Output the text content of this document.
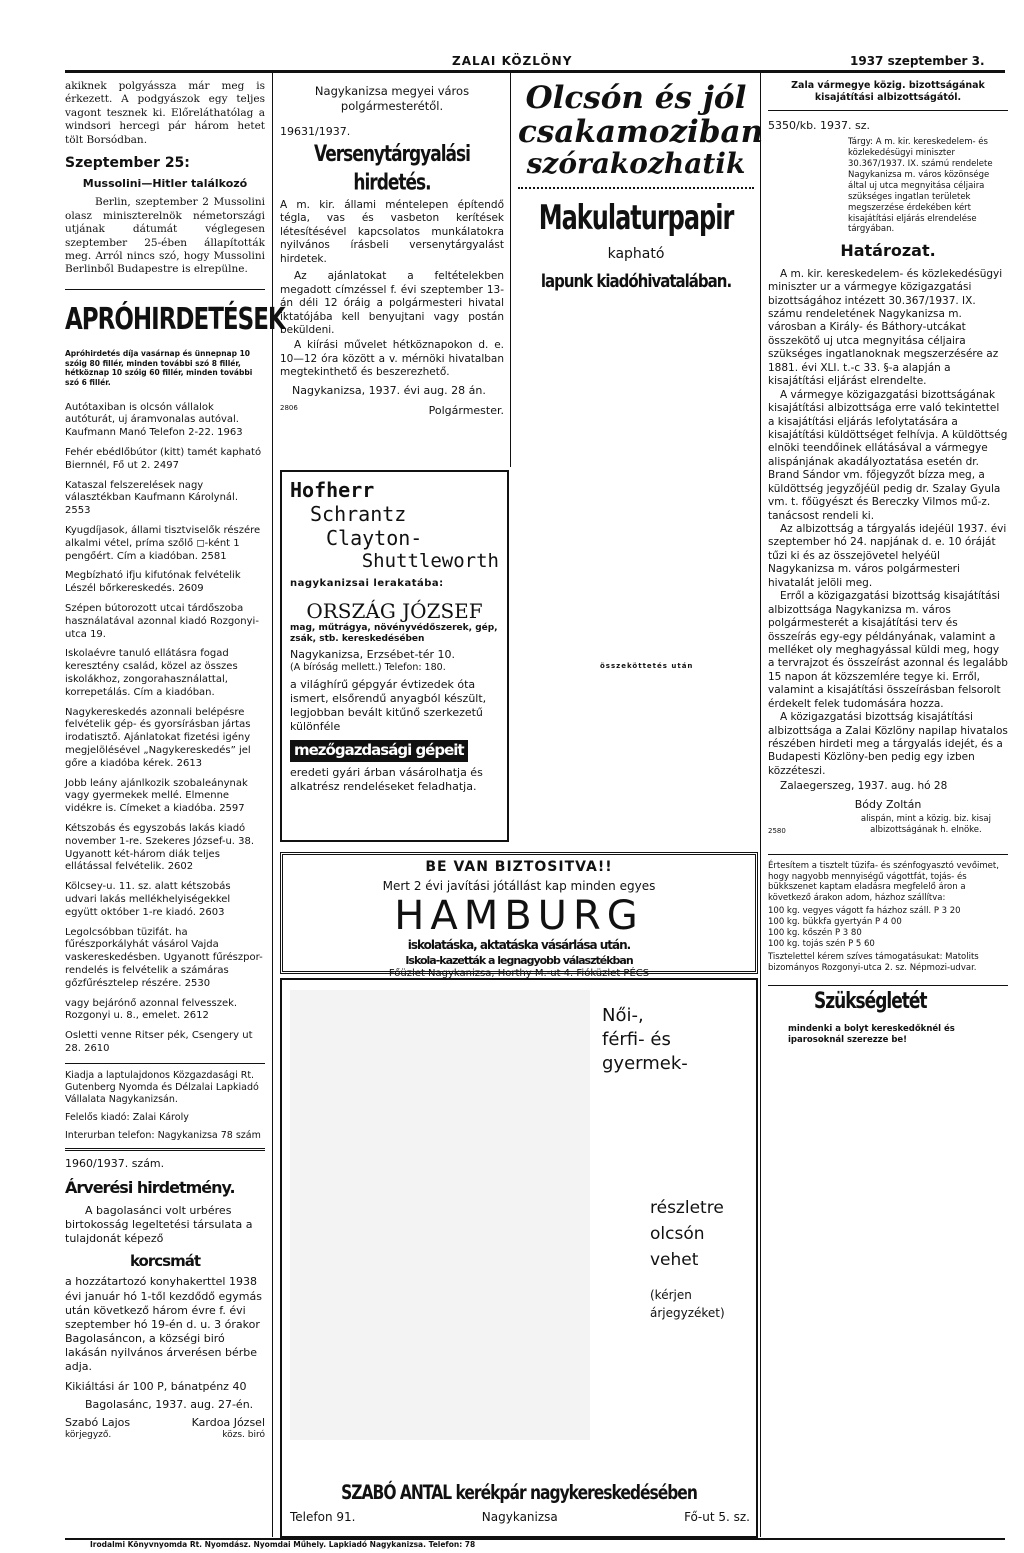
ZALAI KÖZLÖNY	1937 szeptember 3.

akiknek polgyássza már meg is érkezett. A podgyászok egy teljes vagont tesznek ki. Előreláthatólag a windsori hercegi pár három hetet tölt Borsódban.

Szeptember 25:

Mussolini—Hitler találkozó

Berlin, szeptember 2 Mussolini olasz miniszterelnök németországi utjának dátumát véglegesen szeptember 25-ében állapították meg. Arról nincs szó, hogy Mussolini Berlinből Budapestre is elrepülne.

APRÓHIRDETÉSEK

Apróhirdetés díja vasárnap és ünnepnap 10 szóig 80 fillér, minden további szó 8 fillér, hétköznap 10 szóig 60 fillér, minden további szó 6 fillér.

Autótaxiban is olcsón vállalok autóturát, uj áramvonalas autóval. Kaufmann Manó Telefon 2-22. 1963

Fehér ebédlőbútor (kitt) tamét kapható Biernnél, Fő ut 2. 2497

Kataszal felszerelések nagy választékban Kaufmann Károlynál. 2553

Kyugdíjasok, állami tisztviselők részére alkalmi vétel, príma szőlő ◻-ként 1 pengőért. Cím a kiadóban. 2581

Megbízható ifju kifutónak felvételik Lészél bőrkereskedés. 2609

Szépen bútorozott utcai tárdőszoba használatával azonnal kiadó Rozgonyi-utca 19.

Iskolaévre tanuló ellátásra fogad keresztény család, közel az összes iskolákhoz, zongorahasználattal, korrepetálás. Cím a kiadóban.

Nagykereskedés azonnali belépésre felvételik gép- és gyorsírásban jártas irodatisztő. Ajánlatokat fizetési igény megjelölésével „Nagykereskedés” jel gőre a kiadóba kérek. 2613

Jobb leány ajánlkozik szobaleánynak vagy gyermekek mellé. Elmenne vidékre is. Címeket a kiadóba. 2597

Kétszobás és egyszobás lakás kiadó november 1-re. Szekeres József-u. 38. Ugyanott két-három diák teljes ellátással felvételik. 2602

Kölcsey-u. 11. sz. alatt kétszobás udvari lakás mellékhelyiségekkel együtt október 1-re kiadó. 2603

Legolcsóbban tüzifát. ha fűrészporkályhát vásárol Vajda vaskereskedésben. Ugyanott fűrészpor-rendelés is felvételik a számáras gőzfűrésztelep részére. 2530

vagy bejárónő azonnal felvesszek. Rozgonyi u. 8., emelet. 2612

Osletti venne Ritser pék, Csengery ut 28. 2610

Kiadja a laptulajdonos Közgazdasági Rt. Gutenberg Nyomda és Délzalai Lapkiadó Vállalata Nagykanizsán.

Felelős kiadó: Zalai Károly

Interurban telefon: Nagykanizsa 78 szám

1960/1937. szám.

Árverési hirdetmény.

A bagolasánci volt urbéres birtokosság legeltetési társulata a tulajdonát képező

korcsmát

a hozzátartozó konyhakerttel 1938 évi január hó 1-től kezdődő egymás után következő három évre f. évi szeptember hó 19-én d. u. 3 órakor Bagolasáncon, a községi biró lakásán nyilvános árverésen bérbe adja.

Kikiáltási ár 100 P, bánatpénz 40

Bagolasánc, 1937. aug. 27-én.

Szabó Lajos	Kardoa Józsel
körjegyző.	közs. biró

Nagykanizsa megyei város polgármesterétől.

19631/1937.

Versenytárgyalási hirdetés.

A m. kir. állami méntelepen építendő tégla, vas és vasbeton kerítések létesítésével kapcsolatos munkálatokra nyilvános írásbeli versenytárgyalást hirdetek.

Az ajánlatokat a feltételekben megadott címzéssel f. évi szeptember 13-án déli 12 óráig a polgármesteri hivatal iktatójába kell benyujtani vagy postán beküldeni.

A kiírási művelet hétköznapokon d. e. 10—12 óra között a v. mérnöki hivatalban megtekinthető és beszerezhető.

Nagykanizsa, 1937. évi aug. 28 án.

2806	Polgármester.

Olcsón és jól

csakamoziban

szórakozhatik

Makulaturpapir

kapható

lapunk kiadóhivatalában.

Hofherr

Schrantz

Clayton-

Shuttleworth

nagykanizsai lerakatába:

ORSZÁG JÓZSEF

mag, műtrágya, növényvédőszerek, gép, zsák, stb. kereskedésében

Nagykanizsa, Erzsébet-tér 10.

(A bíróság mellett.) Telefon: 180.

a világhírű gépgyár évtizedek óta ismert, elsőrendű anyagból készült, legjobban bevált kitűnő szerkezetű különféle

mezőgazdasági gépeit

eredeti gyári árban vásárolhatja és alkatrész rendeléseket feladhatja.

összeköttetés után

BE VAN BIZTOSITVA!!

Mert 2 évi javítási jótállást kap minden egyes

HAMBURG

iskolatáska, aktatáska vásárlása után.

Iskola-kazetták a legnagyobb választékban

Főüzlet Nagykanizsa, Horthy M.-ut 4. Fióküzlet PÉCS

Női-,

férfi- és

gyermek-

részletre

olcsón

vehet

(kérjen

árjegyzéket)

SZABÓ ANTAL kerékpár nagykereskedésében

Telefon 91.	Nagykanizsa	Fő-ut 5. sz.

Zala vármegye közig. bizottságának kisajátítási albizottságától.

5350/kb. 1937. sz.

Tárgy: A m. kir. kereskedelem- és közlekedésügyi miniszter 30.367/1937. IX. számú rendelete Nagykanizsa m. város közönsége által uj utca megnyitása céljaira szükséges ingatlan területek megszerzése érdekében kért kisajátítási eljárás elrendelése tárgyában.

Határozat.

A m. kir. kereskedelem- és közlekedésügyi miniszter ur a vármegye közigazgatási bizottságához intézett 30.367/1937. IX. számu rendeletének Nagykanizsa m. városban a Király- és Báthory-utcákat összekötő uj utca megnyitása céljaira szükséges ingatlanoknak megszerzésére az 1881. évi XLI. t.-c 33. §-a alapján a kisajátítási eljárást elrendelte.

A vármegye közigazgatási bizottságának kisajátítási albizottsága erre való tekintettel a kisajátítási eljárás lefolytatására a kisajátítási küldöttséget felhívja. A küldöttség elnöki teendőinek ellátásával a vármegye alispánjának akadályoztatása esetén dr. Brand Sándor vm. főjegyzőt bízza meg, a küldöttség jegyzőjéül pedig dr. Szalay Gyula vm. t. főügyészt és Bereczky Vilmos mű-z. tanácsost rendeli ki.

Az albizottság a tárgyalás idejéül 1937. évi szeptember hó 24. napjának d. e. 10 óráját tűzi ki és az összejövetel helyéül Nagykanizsa m. város polgármesteri hivatalát jelöli meg.

Erről a közigazgatási bizottság kisajátítási albizottsága Nagykanizsa m. város polgármesterét a kisajátítási terv és összeírás egy-egy példányának, valamint a melléket oly meghagyással küldi meg, hogy a tervrajzot és összeírást azonnal és legalább 15 napon át közszemlére tegye ki. Erről, valamint a kisajátítási összeírásban felsorolt érdekelt felek tudomására hozza.

A közigazgatási bizottság kisajátítási albizottsága a Zalai Közlöny napilap hivatalos részében hirdeti meg a tárgyalás idejét, és a Budapesti Közlöny-ben pedig egy izben közzéteszi.

Zalaegerszeg, 1937. aug. hó 28

Bódy Zoltán

2580
alispán, mint a közig. biz. kisaj albizottságának h. elnöke.

Értesítem a tisztelt tüzifa- és szénfogyasztó vevőimet, hogy nagyobb mennyiségű vágottfát, tojás- és bükkszenet kaptam eladásra megfelelő áron a következő árakon adom, házhoz szállítva:

100 kg. vegyes vágott fa házhoz száll. P 3 20

100 kg. bükkfa gyertyán P 4 00

100 kg. kőszén P 3 80

100 kg. tojás szén P 5 60

Tisztelettel kérem szíves támogatásukat: Matolits bizományos Rozgonyi-utca 2. sz. Népmozi-udvar.

Szükségletét

mindenki a bolyt kereskedőknél és iparosoknál szerezze be!

Irodalmi Könyvnyomda Rt. Nyomdász. Nyomdai Műhely. Lapkiadó Nagykanizsa. Telefon: 78
